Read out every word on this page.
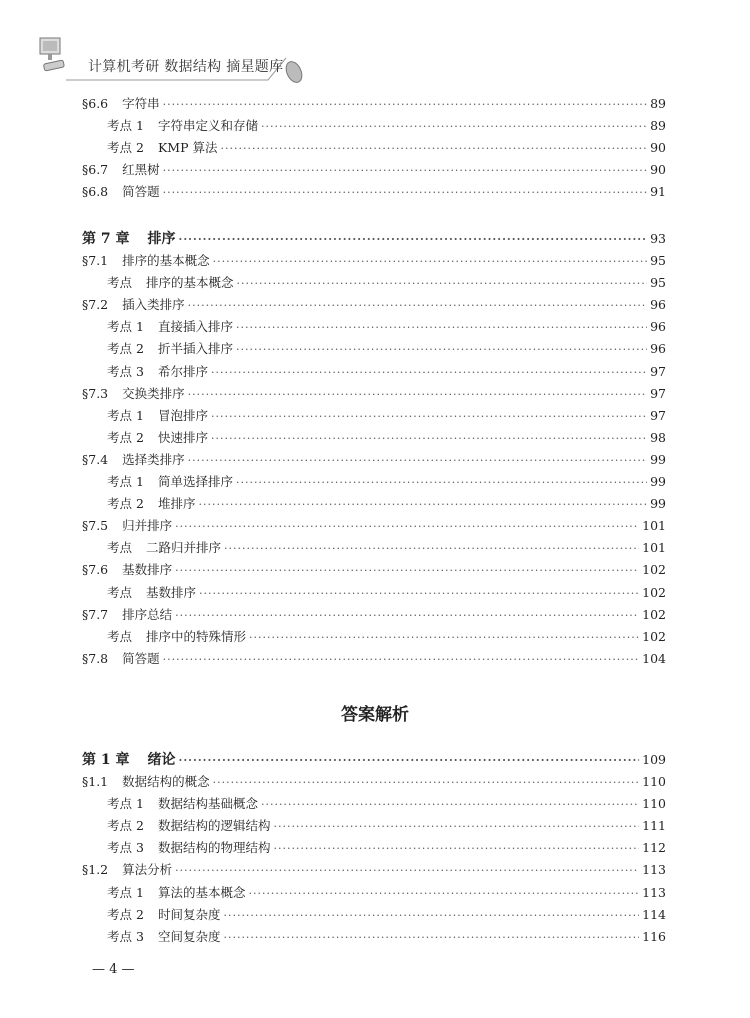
计算机考研 数据结构 摘星题库
§6.6 字符串 ·····	89
考点 1 字符串定义和存储 ·····	89
考点 2 KMP 算法 ·····	90
§6.7 红黑树 ·····	90
§6.8 简答题 ·····	91
第 7 章 排序 ·····	93
§7.1 排序的基本概念 ·····	95
考点 排序的基本概念 ·····	95
§7.2 插入类排序 ·····	96
考点 1 直接插入排序 ·····	96
考点 2 折半插入排序 ·····	96
考点 3 希尔排序 ·····	97
§7.3 交换类排序 ·····	97
考点 1 冒泡排序 ·····	97
考点 2 快速排序 ·····	98
§7.4 选择类排序 ·····	99
考点 1 简单选择排序 ·····	99
考点 2 堆排序 ·····	99
§7.5 归并排序 ·····	101
考点 二路归并排序 ·····	101
§7.6 基数排序 ·····	102
考点 基数排序 ·····	102
§7.7 排序总结 ·····	102
考点 排序中的特殊情形 ·····	102
§7.8 简答题 ·····	104
答案解析
第 1 章 绪论 ·····	109
§1.1 数据结构的概念 ·····	110
考点 1 数据结构基础概念 ·····	110
考点 2 数据结构的逻辑结构 ·····	111
考点 3 数据结构的物理结构 ·····	112
§1.2 算法分析 ·····	113
考点 1 算法的基本概念 ·····	113
考点 2 时间复杂度 ·····	114
考点 3 空间复杂度 ·····	116
— 4 —
